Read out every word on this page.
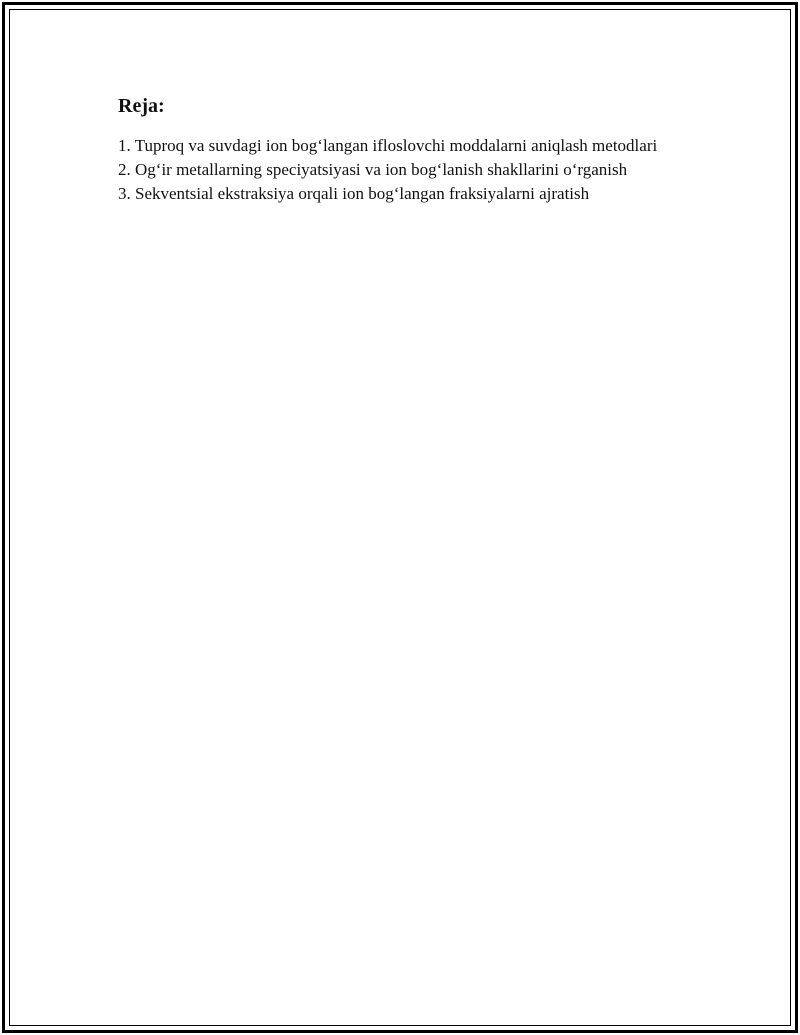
Reja:
1. Tuproq va suvdagi ion bog‘langan ifloslovchi moddalarni aniqlash metodlari
2. Og‘ir metallarning speciyatsiyasi va ion bog‘lanish shakllarini o‘rganish
3. Sekventsial ekstraksiya orqali ion bog‘langan fraksiyalarni ajratish
